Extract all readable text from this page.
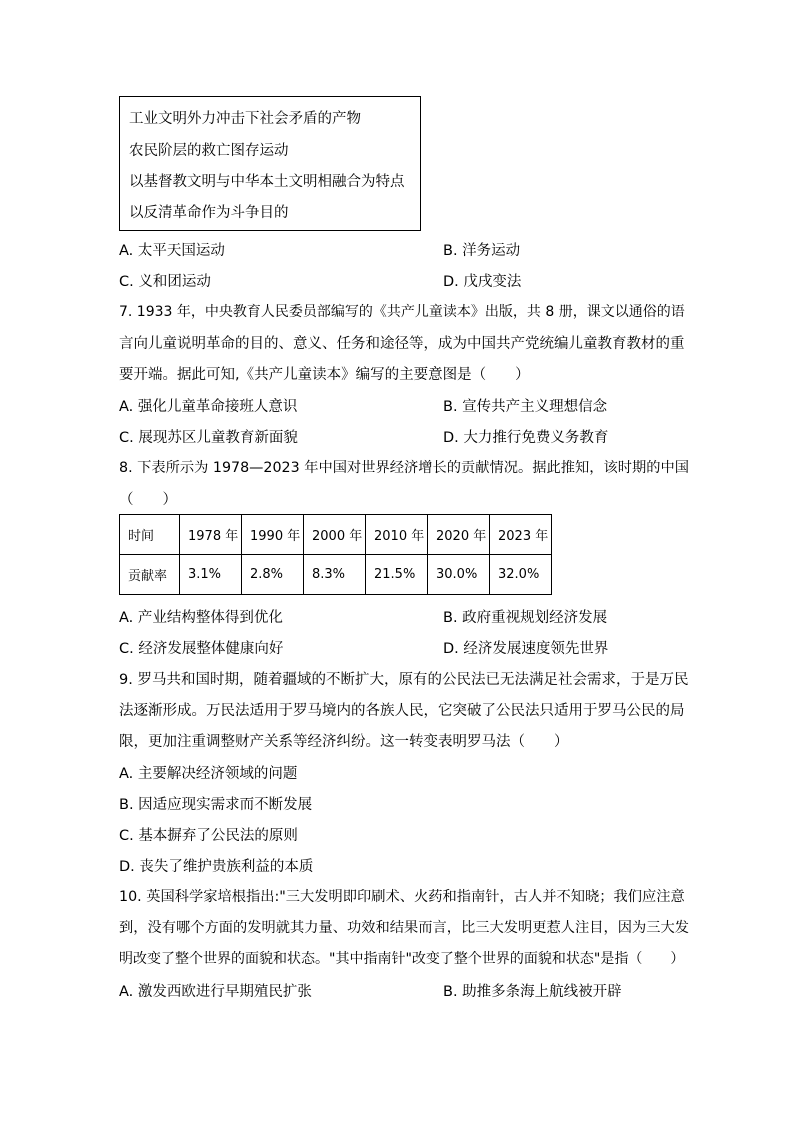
工业文明外力冲击下社会矛盾的产物
农民阶层的救亡图存运动
以基督教文明与中华本土文明相融合为特点
以反清革命作为斗争目的
A. 太平天国运动	B. 洋务运动
C. 义和团运动	D. 戊戌变法
7. 1933 年，中央教育人民委员部编写的《共产儿童读本》出版，共 8 册，课文以通俗的语
言向儿童说明革命的目的、意义、任务和途径等，成为中国共产党统编儿童教育教材的重
要开端。据此可知,《共产儿童读本》编写的主要意图是（　　）
A. 强化儿童革命接班人意识	B. 宣传共产主义理想信念
C. 展现苏区儿童教育新面貌	D. 大力推行免费义务教育
8. 下表所示为 1978—2023 年中国对世界经济增长的贡献情况。据此推知，该时期的中国
（　　）
时间	1978 年	1990 年	2000 年	2010 年	2020 年	2023 年
贡献率	3.1%	2.8%	8.3%	21.5%	30.0%	32.0%
A. 产业结构整体得到优化	B. 政府重视规划经济发展
C. 经济发展整体健康向好	D. 经济发展速度领先世界
9. 罗马共和国时期，随着疆域的不断扩大，原有的公民法已无法满足社会需求，于是万民
法逐渐形成。万民法适用于罗马境内的各族人民，它突破了公民法只适用于罗马公民的局
限，更加注重调整财产关系等经济纠纷。这一转变表明罗马法（　　）
A. 主要解决经济领域的问题
B. 因适应现实需求而不断发展
C. 基本摒弃了公民法的原则
D. 丧失了维护贵族利益的本质
10. 英国科学家培根指出:"三大发明即印刷术、火药和指南针，古人并不知晓；我们应注意
到，没有哪个方面的发明就其力量、功效和结果而言，比三大发明更惹人注目，因为三大发
明改变了整个世界的面貌和状态。"其中指南针"改变了整个世界的面貌和状态"是指（　　）
A. 激发西欧进行早期殖民扩张	B. 助推多条海上航线被开辟
